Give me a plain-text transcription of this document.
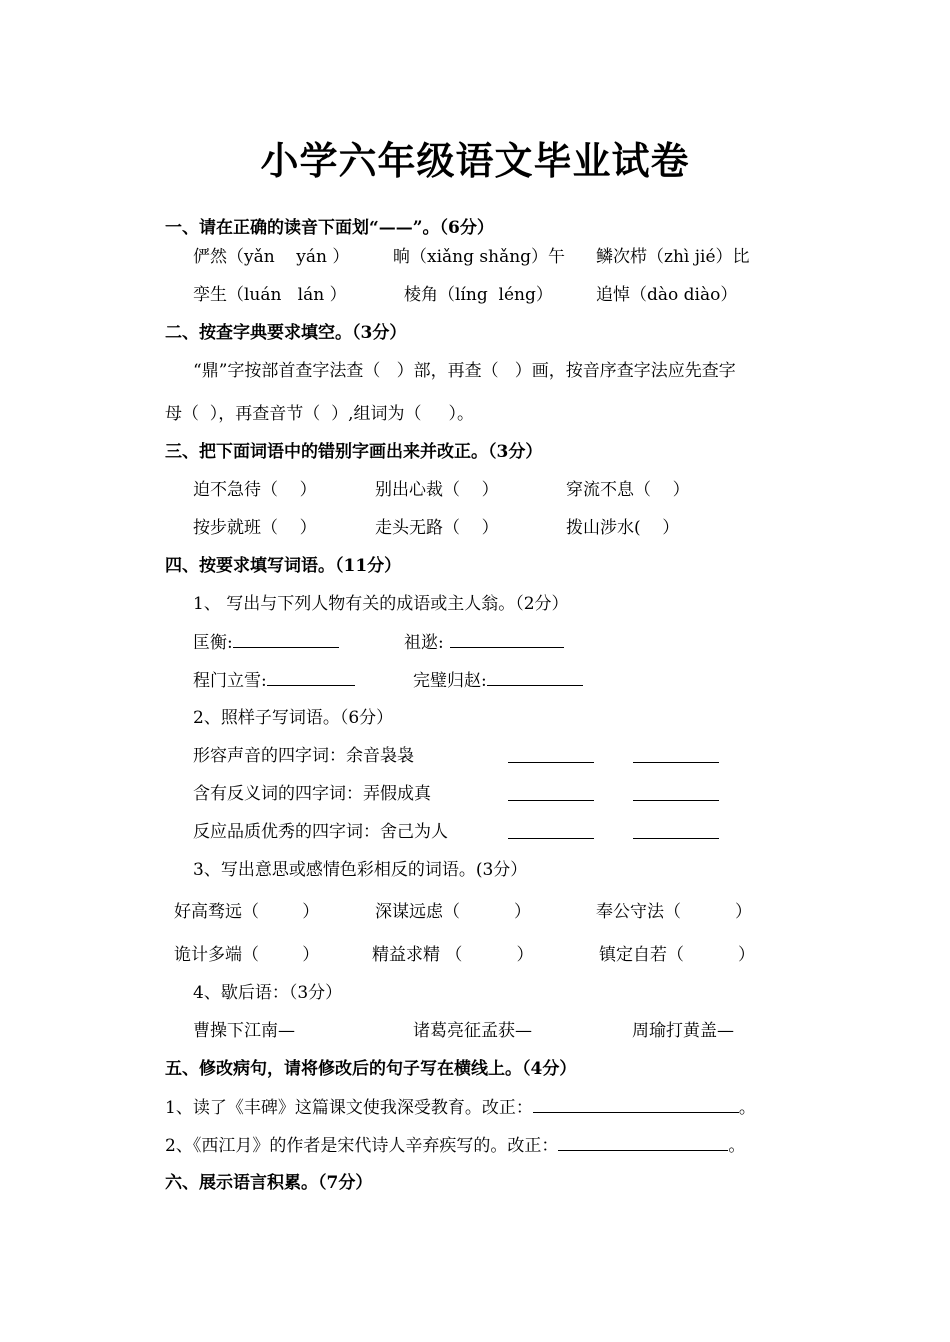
小学六年级语文毕业试卷
一、请在正确的读音下面划“——”。（6分）
俨然（yǎn    yán ）	晌（xiǎng shǎng）午 鳞次栉（zhì jié）比
孪生（luán   lán ）	棱角（líng  léng）	追悼（dào diào）
二、按查字典要求填空。（3分）
“鼎”字按部首查字法查（   ）部，再查（   ）画，按音序查字法应先查字
母（  ），再查音节（  ）,组词为（     ）。
三、把下面词语中的错别字画出来并改正。（3分）
迫不急待（    ）	别出心裁（    ）	穿流不息（    ）
按步就班（    ）	走头无路（    ）	拨山涉水(    ）
四、按要求填写词语。（11分）
1、 写出与下列人物有关的成语或主人翁。（2分）
匡衡:	祖逖:
程门立雪:	完璧归赵:
2、照样子写词语。（6分）
形容声音的四字词：余音袅袅
含有反义词的四字词：弄假成真
反应品质优秀的四字词：舍己为人
3、写出意思或感情色彩相反的词语。(3分）
好高骛远（        ）	深谋远虑（          ）	奉公守法（          ）
诡计多端（        ）	精益求精 （          ）	镇定自若（          ）
4、歇后语：（3分）
曹操下江南—	诸葛亮征孟获—	周瑜打黄盖—
五、修改病句，请将修改后的句子写在横线上。（4分）
1、读了《丰碑》这篇课文使我深受教育。改正：	。
2、《西江月》的作者是宋代诗人辛弃疾写的。改正：	。
六、展示语言积累。（7分）
